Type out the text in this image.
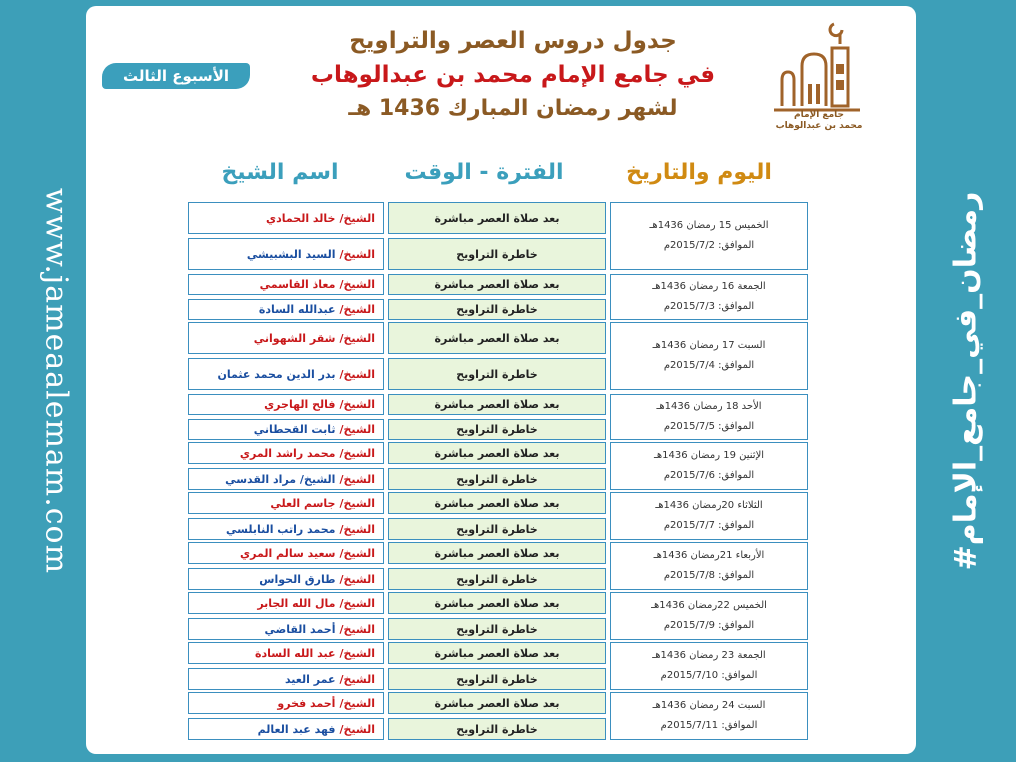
www.jameaalemam.com	#رمضان_في_جامع_الإمام
الأسبوع الثالث
جدول دروس العصر والتراويح
في جامع الإمام محمد بن عبدالوهاب
لشهر رمضان المبارك 1436 هـ	جامع الإمام
محمد بن عبدالوهاب
اليوم والتاريخ
الفترة - الوقت
اسم الشيخ
الخميس 15 رمضان 1436هـ
الموافق: 2015/7/2م
بعد صلاة العصر مباشرة
الشيخ/
خالد الحمادي
خاطرة التراويح
الشيخ/
السيد البشبيشي
الجمعة 16 رمضان 1436هـ
الموافق: 2015/7/3م
بعد صلاة العصر مباشرة
الشيخ/
معاذ القاسمي
خاطرة التراويح
الشيخ/
عبدالله السادة
السبت 17 رمضان 1436هـ
الموافق: 2015/7/4م
بعد صلاة العصر مباشرة
الشيخ/
شقر الشهواني
خاطرة التراويح
الشيخ/
بدر الدين محمد عثمان
الأحد 18 رمضان 1436هـ
الموافق: 2015/7/5م
بعد صلاة العصر مباشرة
الشيخ/
فالح الهاجري
خاطرة التراويح
الشيخ/
ثابت القحطاني
الإثنين 19 رمضان 1436هـ
الموافق: 2015/7/6م
بعد صلاة العصر مباشرة
الشيخ/
محمد راشد المري
خاطرة التراويح
الشيخ/
الشيخ/ مراد القدسي
الثلاثاء 20رمضان 1436هـ
الموافق: 2015/7/7م
بعد صلاة العصر مباشرة
الشيخ/
جاسم العلي
خاطرة التراويح
الشيخ/
محمد راتب النابلسي
الأربعاء 21رمضان 1436هـ
الموافق: 2015/7/8م
بعد صلاة العصر مباشرة
الشيخ/
سعيد سالم المري
خاطرة التراويح
الشيخ/
طارق الحواس
الخميس 22رمضان 1436هـ
الموافق: 2015/7/9م
بعد صلاة العصر مباشرة
الشيخ/
مال الله الجابر
خاطرة التراويح
الشيخ/
أحمد القاضي
الجمعة 23 رمضان 1436هـ
الموافق: 2015/7/10م
بعد صلاة العصر مباشرة
الشيخ/
عبد الله السادة
خاطرة التراويح
الشيخ/
عمر العيد
السبت 24 رمضان 1436هـ
الموافق: 2015/7/11م
بعد صلاة العصر مباشرة
الشيخ/
أحمد فخرو
خاطرة التراويح
الشيخ/
فهد عبد العالم
